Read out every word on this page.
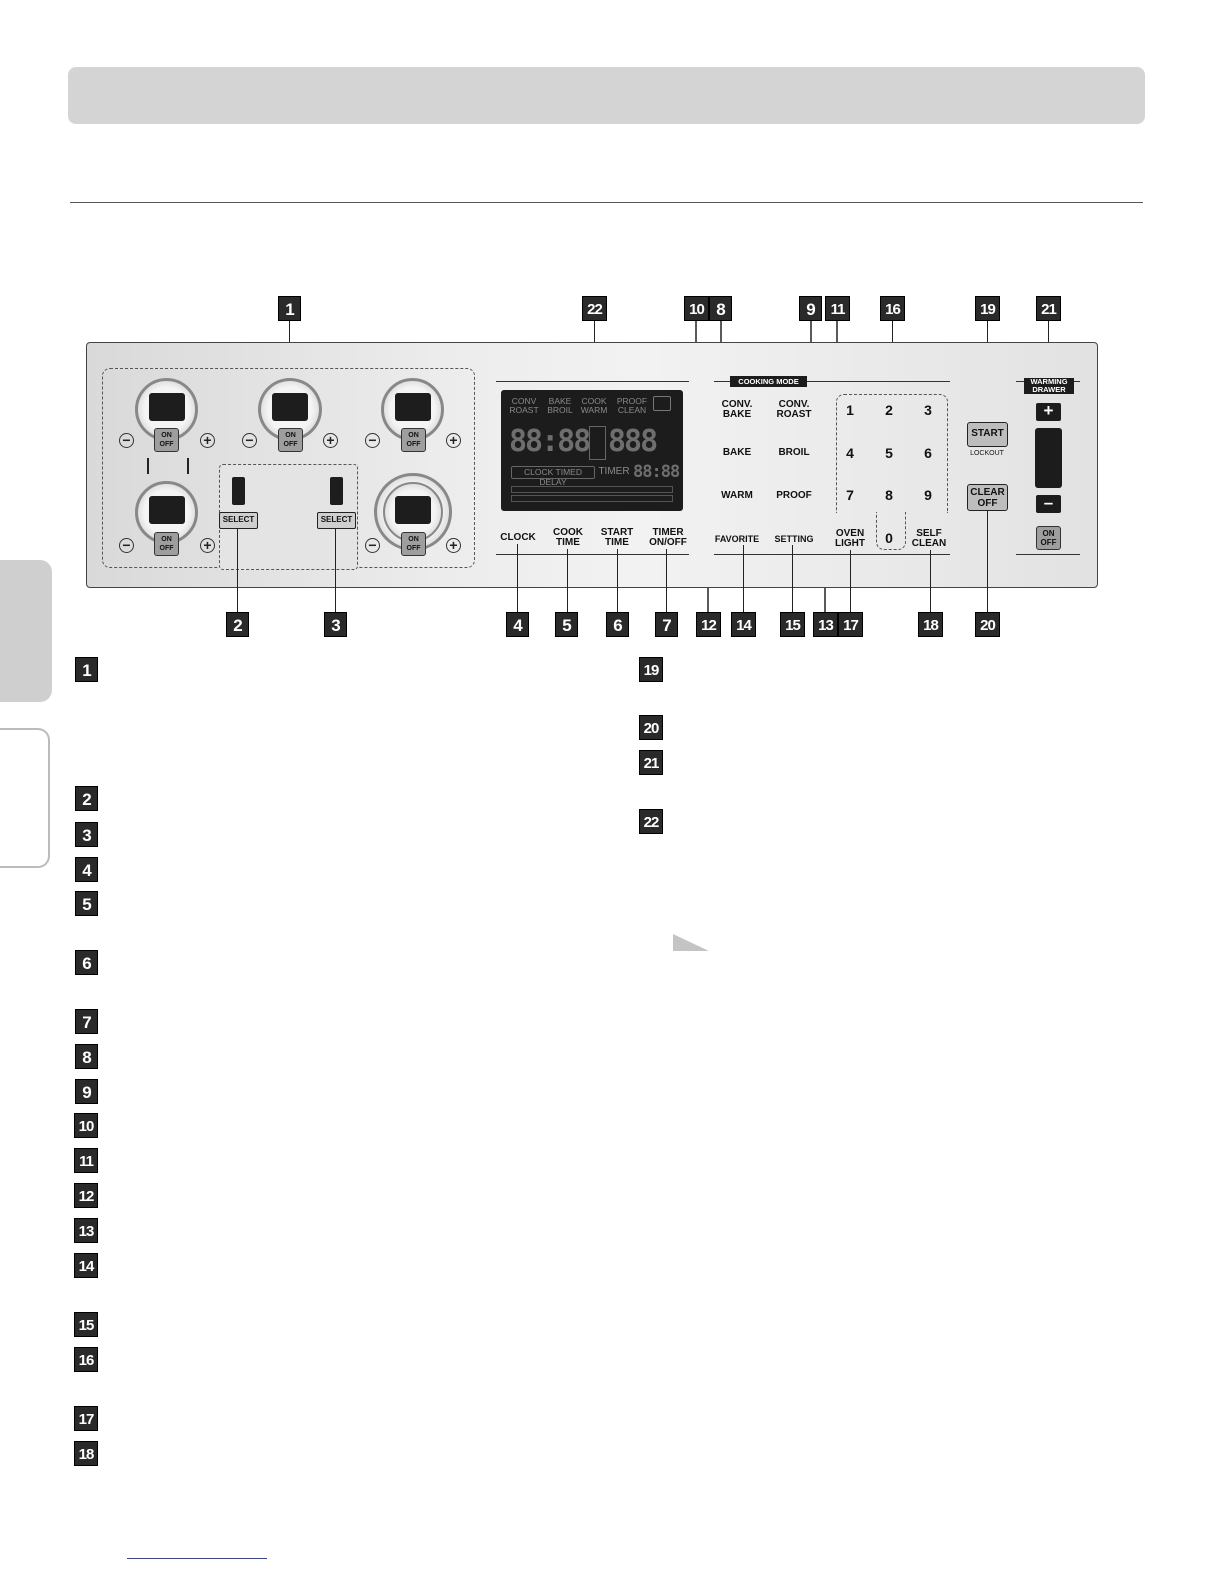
1	22	10 8	9	11	16	19	21
ON
OFF
−	+	ON
OFF
−	+	ON
OFF
−	+
ON
OFF
−	+	ON
OFF
−	+
SELECT	SELECT
CONV
ROAST
BAKE
BROIL
COOK
WARM
PROOF
CLEAN
88:88 888
CLOCK TIMED DELAY
TIMER 88:88
CLOCK	COOK
TIME
START
TIME
TIMER
ON/OFF
COOKING MODE
CONV.
BAKE
CONV.
ROAST
BAKE	BROIL
WARM	PROOF
FAVORITE	SETTING	OVEN
LIGHT
SELF
CLEAN
1	2	3
4	5	6
7	8	9
0
START
LOCKOUT
CLEAR
OFF
WARMING
DRAWER
+
–
ON
OFF
2	3	4	5	6	7	12	14	15	13 17	18	20
1
2
3
4
5
6
7
8
9
10
11
12
13
14
15
16
17
18
19
20
21
22
